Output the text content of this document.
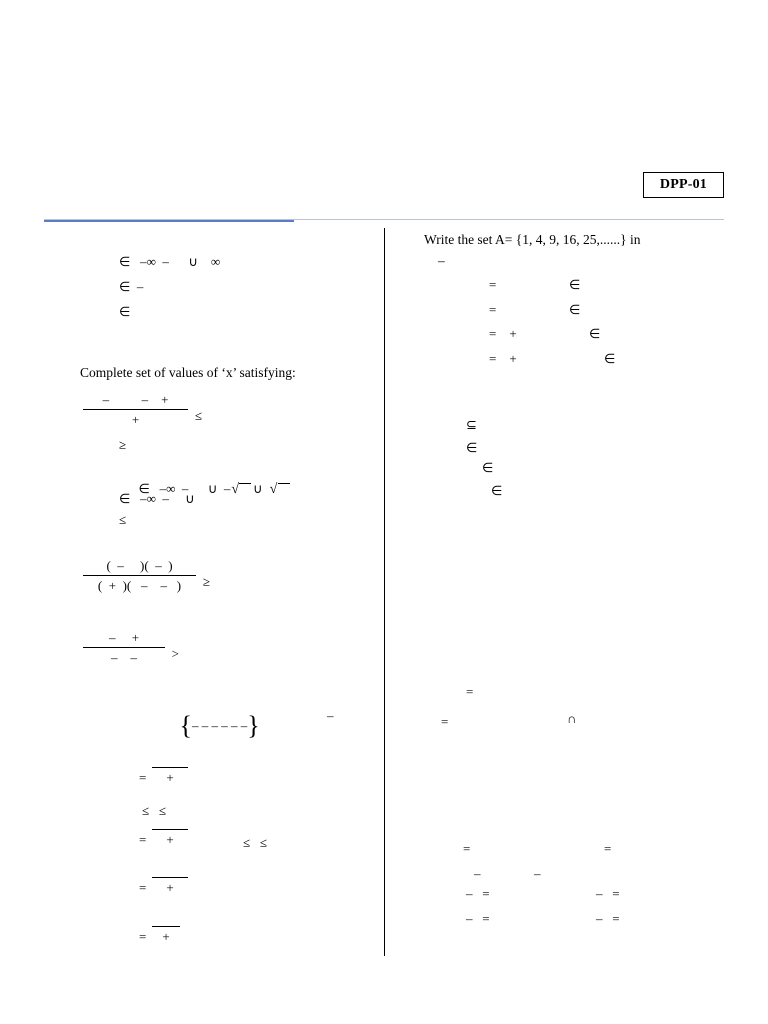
DPP-01
∈   –∞  –      ∪    ∞
∈  –
∈
Complete set of values of ‘x’ satisfying:
–          –    +
+	≤
≥

∈   –∞  –      ∪  – √ ∪√

∈   –∞  –     ∪
≤
(  –     )(  –  )
(  +  )(   –    –   )	≥
–     +
–    –	>

{– – – – – –}
	–
=	+
≤   ≤
=	+	≤   ≤
=	+
=	+
Write the set A= {1, 4, 9, 16, 25,......} in
–
=	∈
=	∈
=    +	∈
=    +	∈
⊆
∈
∈
∈
=
=	∩
=	=
–	–
–   =	–   =
–   =	–   =
